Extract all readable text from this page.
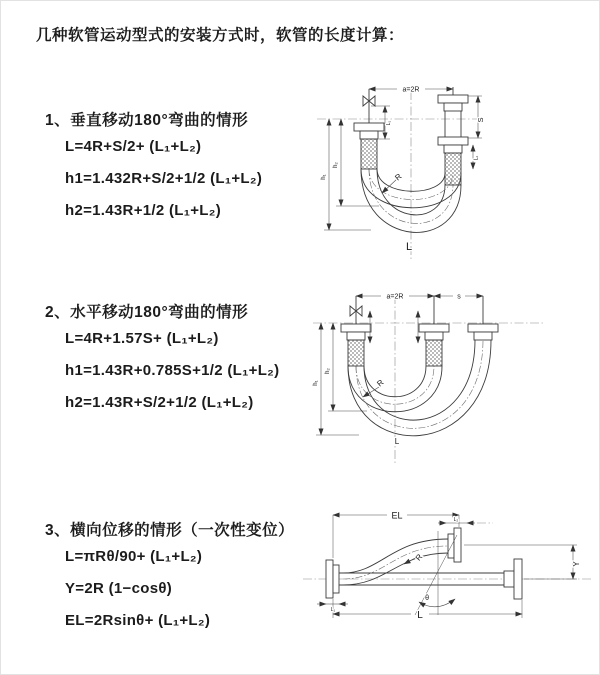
几种软管运动型式的安装方式时，软管的长度计算：
1、垂直移动180°弯曲的情形

L=4R+S/2+ (L₁+L₂)

h1=1.432R+S/2+1/2 (L₁+L₂)

h2=1.43R+1/2 (L₁+L₂)

2、水平移动180°弯曲的情形

L=4R+1.57S+ (L₁+L₂)

h1=1.43R+0.785S+1/2 (L₁+L₂)

h2=1.43R+S/2+1/2 (L₁+L₂)

3、横向位移的情形（一次性变位）

L=πRθ/90+ (L₁+L₂)

Y=2R (1−cosθ)

EL=2Rsinθ+ (L₁+L₂)

a=2R
S
L₂
L₁
h₁
h₂
R
L
a=2R	s
h₁
h₂
R
L
θ
EL	L₂
Y
L
L₁
R
